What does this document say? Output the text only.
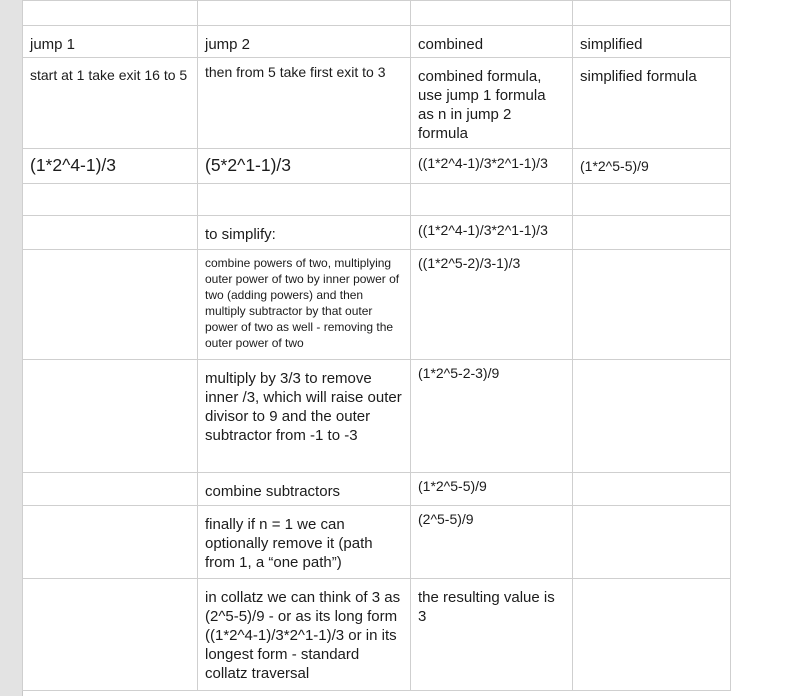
jump 1	jump 2	combined	simplified
start at 1 take exit 16 to 5	then from 5 take first exit to 3	combined formula, use jump 1 formula as n in jump 2 formula	simplified formula
(1*2^4-1)/3	(5*2^1-1)/3	((1*2^4-1)/3*2^1-1)/3	(1*2^5-5)/9

	to simplify:	((1*2^4-1)/3*2^1-1)/3	
	combine powers of two, multiplying outer power of two by inner power of two (adding powers) and then multiply subtractor by that outer power of two as well - removing the outer power of two	((1*2^5-2)/3-1)/3	
	multiply by 3/3 to remove inner /3, which will raise outer divisor to 9 and the outer subtractor from -1 to -3	(1*2^5-2-3)/9	
	combine subtractors	(1*2^5-5)/9	
	finally if n = 1 we can optionally remove it (path from 1, a “one path”)	(2^5-5)/9	
	in collatz we can think of 3 as (2^5-5)/9 - or as its long form ((1*2^4-1)/3*2^1-1)/3 or in its longest form - standard collatz traversal	the resulting value is 3	
